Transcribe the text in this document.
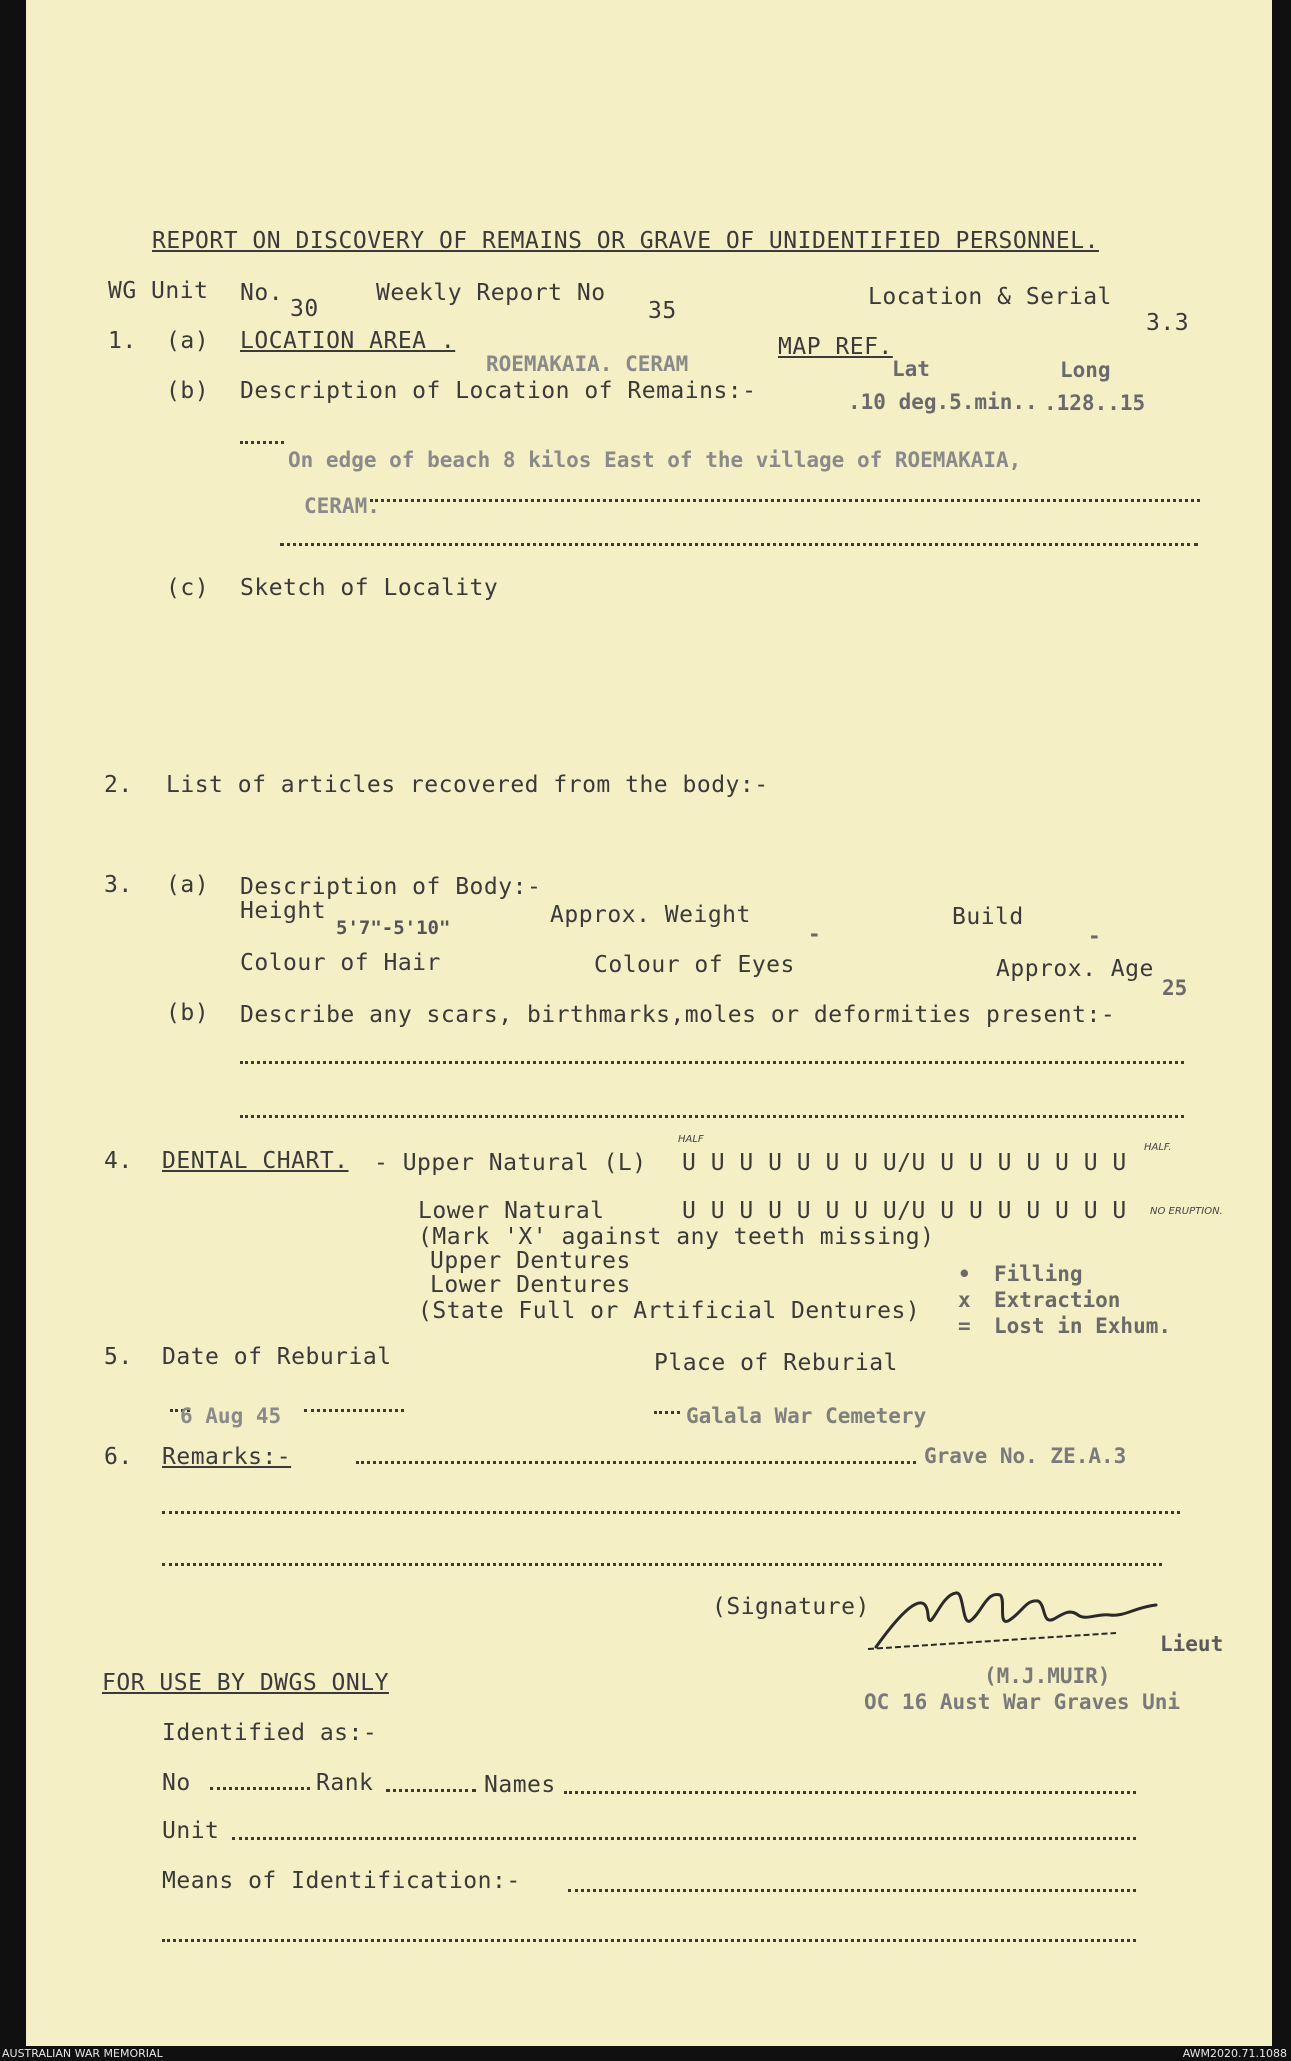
REPORT ON DISCOVERY OF REMAINS OR GRAVE OF UNIDENTIFIED PERSONNEL.
WG Unit No.
30
Weekly Report No
35
Location & Serial
3.3
1. (a) LOCATION AREA .
ROEMAKAIA. CERAM
MAP REF.
Lat	Long
(b) Description of Location of Remains:-	.10 deg.5.min.. .128..15
On edge of beach 8 kilos East of the village of ROEMAKAIA,
CERAM.
(c) Sketch of Locality
2. List of articles recovered from the body:-
3. (a) Description of Body:-
Height
5'7"-5'10"	Approx. Weight
-
Build
-
Colour of Hair	Colour of Eyes	Approx. Age
25
(b) Describe any scars, birthmarks,moles or deformities present:-
4. DENTAL CHART. - Upper Natural (L)
HALF
U U U U U U U U/U U U U U U U U
HALF.
Lower Natural	U U U U U U U U/U U U U U U U U NO ERUPTION.
(Mark 'X' against any teeth missing)
Upper Dentures
Lower Dentures
(State Full or Artificial Dentures)
• Filling
x Extraction
= Lost in Exhum.
5. Date of Reburial	Place of Reburial
6 Aug 45	Galala War Cemetery
6. Remarks:-	Grave No. ZE.A.3
(Signature)
Lieut
(M.J.MUIR)
OC 16 Aust War Graves Uni
FOR USE BY DWGS ONLY
Identified as:-
No	Rank	Names
Unit
Means of Identification:-
AUSTRALIAN WAR MEMORIAL	AWM2020.71.1088
